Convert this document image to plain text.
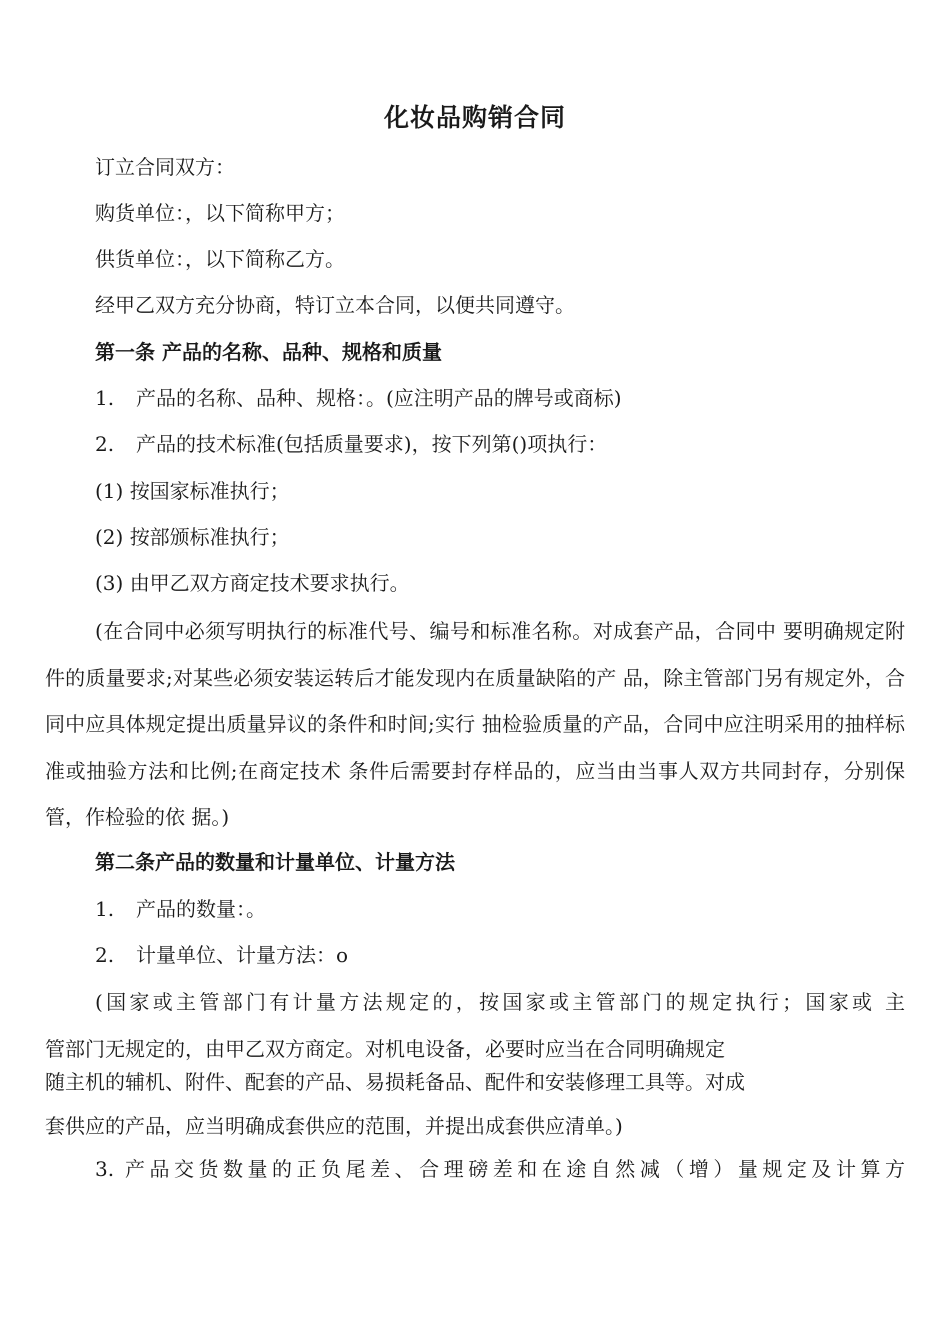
化妆品购销合同
订立合同双方：
购货单位：，以下简称甲方；
供货单位：，以下简称乙方。
经甲乙双方充分协商，特订立本合同，以便共同遵守。
第一条 产品的名称、品种、规格和质量
1. 产品的名称、品种、规格：。(应注明产品的牌号或商标)
2. 产品的技术标准(包括质量要求)，按下列第()项执行：
(1) 按国家标准执行；
(2) 按部颁标准执行；
(3) 由甲乙双方商定技术要求执行。
(在合同中必须写明执行的标准代号、编号和标准名称。对成套产品，合同中 要明确规定附件的质量要求;对某些必须安装运转后才能发现内在质量缺陷的产 品，除主管部门另有规定外，合同中应具体规定提出质量异议的条件和时间;实行 抽检验质量的产品，合同中应注明采用的抽样标准或抽验方法和比例;在商定技术 条件后需要封存样品的，应当由当事人双方共同封存，分别保管，作检验的依 据。)
第二条产品的数量和计量单位、计量方法
1. 产品的数量：。
2. 计量单位、计量方法：o
(国家或主管部门有计量方法规定的，按国家或主管部门的规定执行；国家或 主
管部门无规定的，由甲乙双方商定。对机电设备，必要时应当在合同明确规定
随主机的辅机、附件、配套的产品、易损耗备品、配件和安装修理工具等。对成
套供应的产品，应当明确成套供应的范围，并提出成套供应清单。)
3. 产品交货数量的正负尾差、合理磅差和在途自然减（增）量规定及计算方
